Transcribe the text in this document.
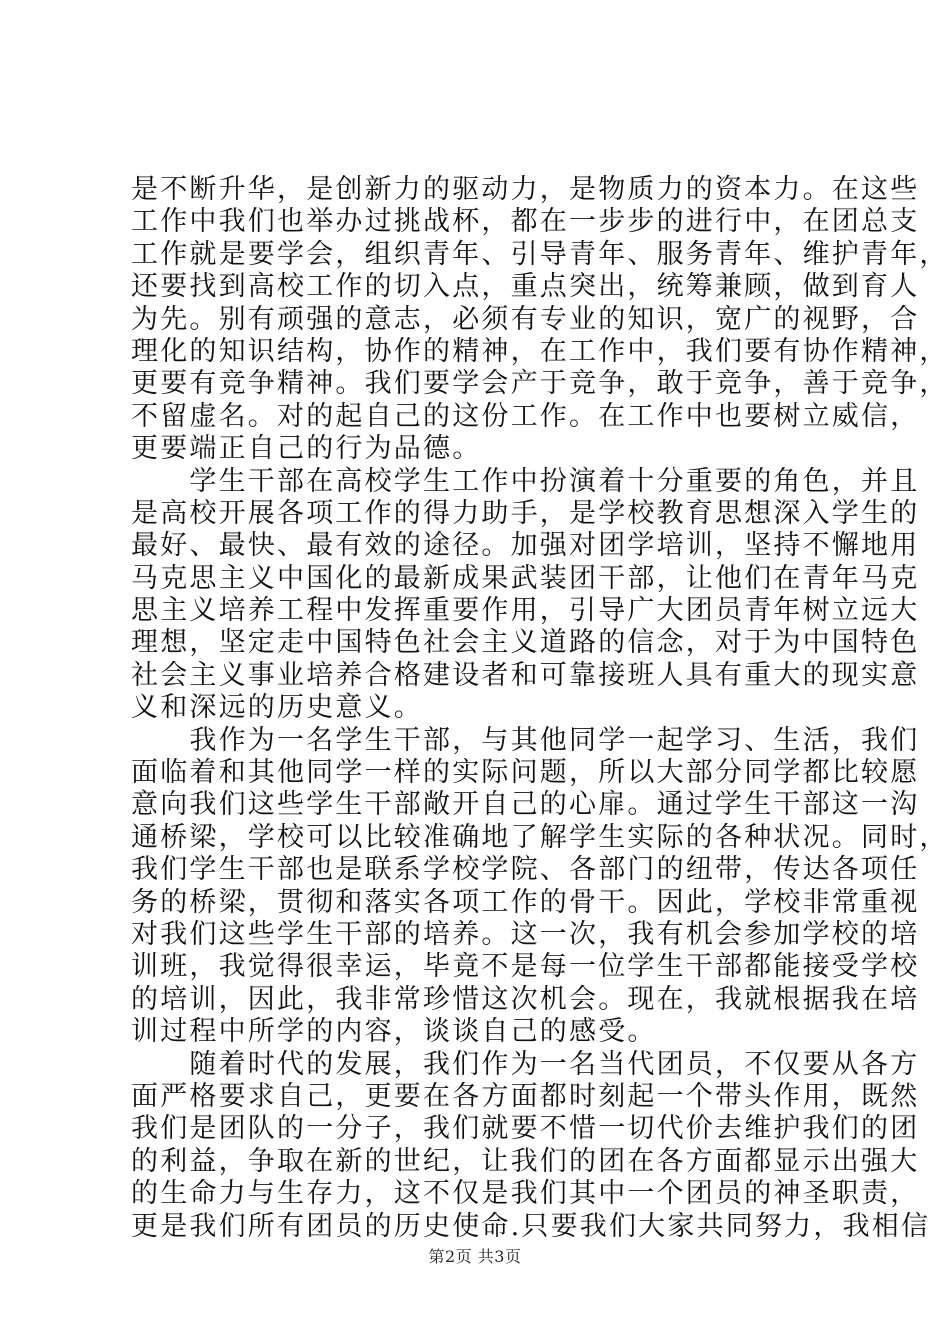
是不断升华，是创新力的驱动力，是物质力的资本力。在这些
工作中我们也举办过挑战杯，都在一步步的进行中，在团总支
工作就是要学会，组织青年、引导青年、服务青年、维护青年，
还要找到高校工作的切入点，重点突出，统筹兼顾，做到育人
为先。别有顽强的意志，必须有专业的知识，宽广的视野，合
理化的知识结构，协作的精神，在工作中，我们要有协作精神，
更要有竞争精神。我们要学会产于竞争，敢于竞争，善于竞争，
不留虚名。对的起自己的这份工作。在工作中也要树立威信，
更要端正自己的行为品德。
　　学生干部在高校学生工作中扮演着十分重要的角色，并且
是高校开展各项工作的得力助手，是学校教育思想深入学生的
最好、最快、最有效的途径。加强对团学培训，坚持不懈地用
马克思主义中国化的最新成果武装团干部，让他们在青年马克
思主义培养工程中发挥重要作用，引导广大团员青年树立远大
理想，坚定走中国特色社会主义道路的信念，对于为中国特色
社会主义事业培养合格建设者和可靠接班人具有重大的现实意
义和深远的历史意义。
　　我作为一名学生干部，与其他同学一起学习、生活，我们
面临着和其他同学一样的实际问题，所以大部分同学都比较愿
意向我们这些学生干部敞开自己的心扉。通过学生干部这一沟
通桥梁，学校可以比较准确地了解学生实际的各种状况。同时，
我们学生干部也是联系学校学院、各部门的纽带，传达各项任
务的桥梁，贯彻和落实各项工作的骨干。因此，学校非常重视
对我们这些学生干部的培养。这一次，我有机会参加学校的培
训班，我觉得很幸运，毕竟不是每一位学生干部都能接受学校
的培训，因此，我非常珍惜这次机会。现在，我就根据我在培
训过程中所学的内容，谈谈自己的感受。
　　随着时代的发展，我们作为一名当代团员，不仅要从各方
面严格要求自己，更要在各方面都时刻起一个带头作用，既然
我们是团队的一分子，我们就要不惜一切代价去维护我们的团
的利益，争取在新的世纪，让我们的团在各方面都显示出强大
的生命力与生存力，这不仅是我们其中一个团员的神圣职责，
更是我们所有团员的历史使命.只要我们大家共同努力，我相信
第2页 共3页
